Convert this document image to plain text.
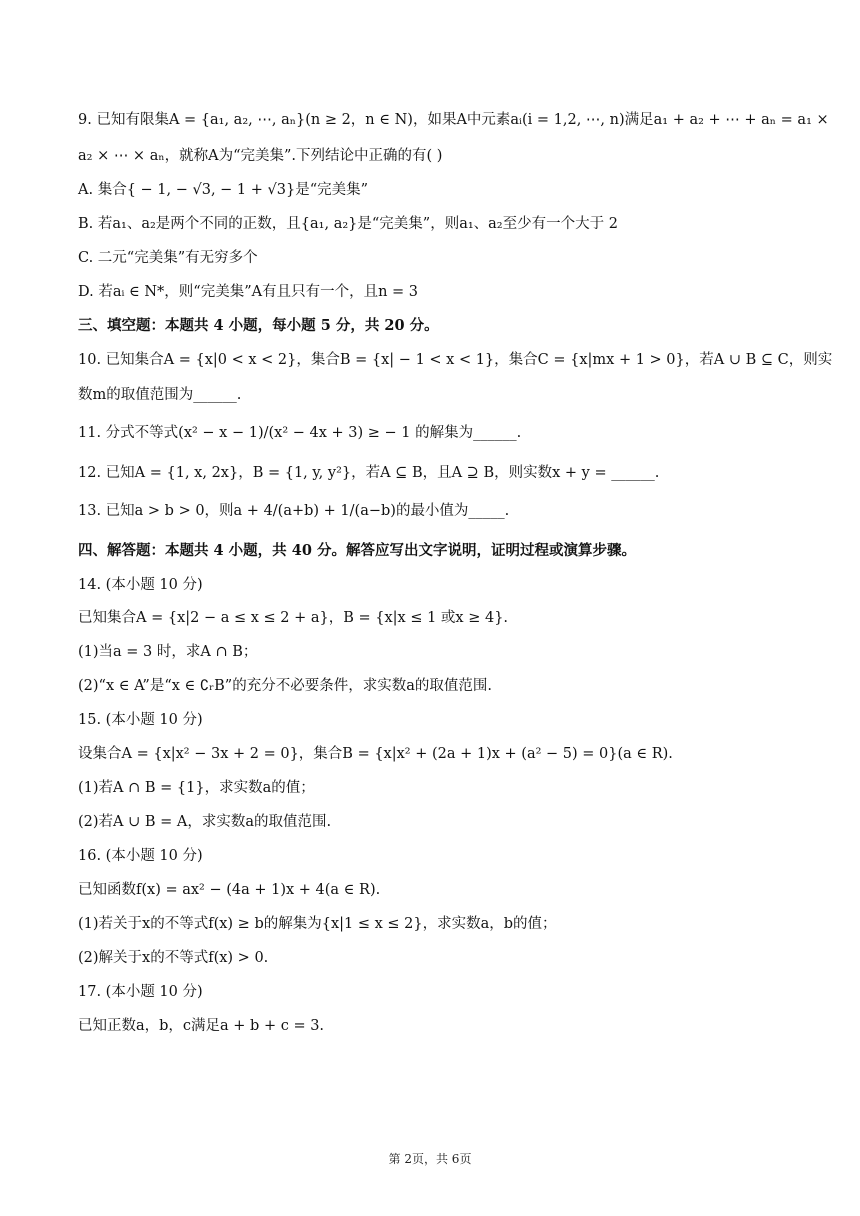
9. 已知有限集A = {a₁, a₂, ⋯, aₙ}(n ≥ 2，n ∈ N)，如果A中元素aᵢ(i = 1,2, ⋯, n)满足a₁ + a₂ + ⋯ + aₙ = a₁ ×
a₂ × ⋯ × aₙ，就称A为“完美集”.下列结论中正确的有( )
A. 集合{ − 1, − √3, − 1 + √3}是“完美集”
B. 若a₁、a₂是两个不同的正数，且{a₁, a₂}是“完美集”，则a₁、a₂至少有一个大于 2
C. 二元“完美集”有无穷多个
D. 若aᵢ ∈ N*，则“完美集”A有且只有一个，且n = 3
三、填空题：本题共 4 小题，每小题 5 分，共 20 分。
10. 已知集合A = {x|0 < x < 2}，集合B = {x| − 1 < x < 1}，集合C = {x|mx + 1 > 0}，若A ∪ B ⊆ C，则实
数m的取值范围为______.
11. 分式不等式(x² − x − 1)/(x² − 4x + 3) ≥ − 1 的解集为______.
12. 已知A = {1, x, 2x}，B = {1, y, y²}，若A ⊆ B，且A ⊇ B，则实数x + y = ______.
13. 已知a > b > 0，则a + 4/(a+b) + 1/(a−b)的最小值为_____.
四、解答题：本题共 4 小题，共 40 分。解答应写出文字说明，证明过程或演算步骤。
14. (本小题 10 分)
已知集合A = {x|2 − a ≤ x ≤ 2 + a}，B = {x|x ≤ 1 或x ≥ 4}.
(1)当a = 3 时，求A ∩ B；
(2)“x ∈ A”是“x ∈ ∁ᵣB”的充分不必要条件，求实数a的取值范围.
15. (本小题 10 分)
设集合A = {x|x² − 3x + 2 = 0}，集合B = {x|x² + (2a + 1)x + (a² − 5) = 0}(a ∈ R).
(1)若A ∩ B = {1}，求实数a的值；
(2)若A ∪ B = A，求实数a的取值范围.
16. (本小题 10 分)
已知函数f(x) = ax² − (4a + 1)x + 4(a ∈ R).
(1)若关于x的不等式f(x) ≥ b的解集为{x|1 ≤ x ≤ 2}，求实数a，b的值；
(2)解关于x的不等式f(x) > 0.
17. (本小题 10 分)
已知正数a，b，c满足a + b + c = 3.
第 2页，共 6页
